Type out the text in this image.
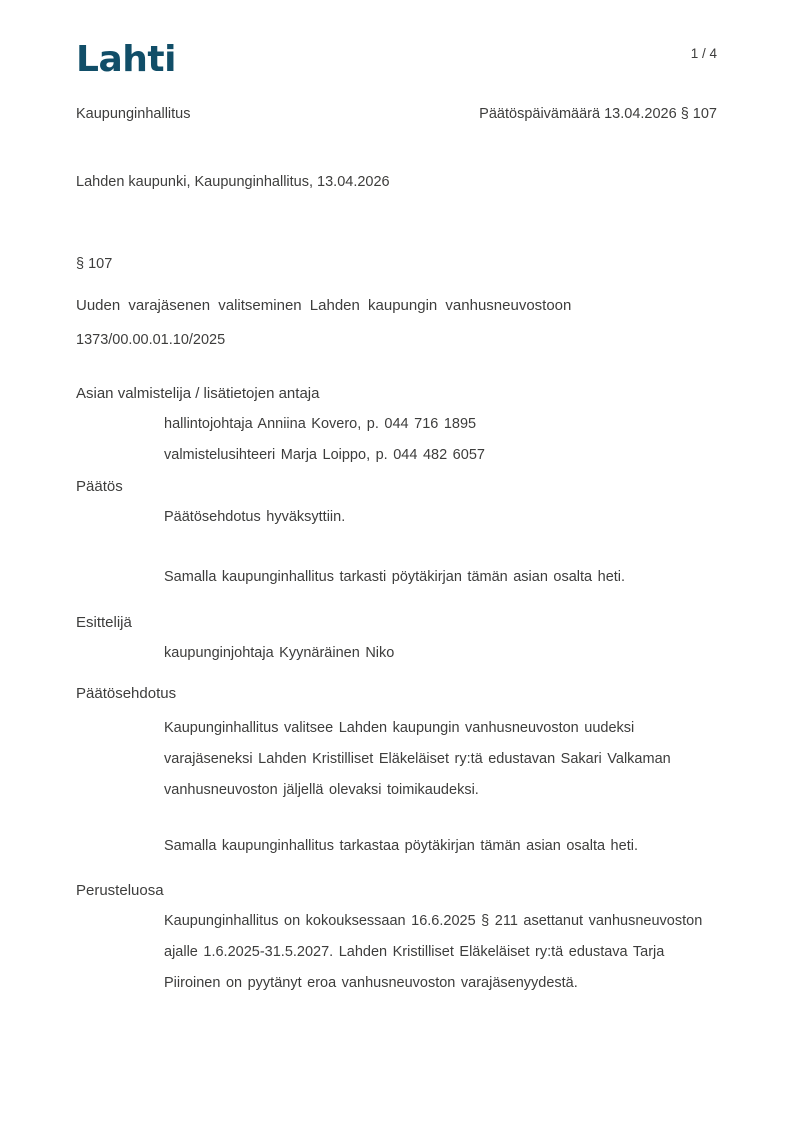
Lahti	1 / 4
Kaupunginhallitus	Päätöspäivämäärä 13.04.2026 § 107
Lahden kaupunki, Kaupunginhallitus, 13.04.2026
§ 107
Uuden varajäsenen valitseminen Lahden kaupungin vanhusneuvostoon
1373/00.00.01.10/2025
Asian valmistelija / lisätietojen antaja
hallintojohtaja Anniina Kovero, p. 044 716 1895
valmistelusihteeri Marja Loippo, p. 044 482 6057
Päätös
Päätösehdotus hyväksyttiin.
Samalla kaupunginhallitus tarkasti pöytäkirjan tämän asian osalta heti.
Esittelijä
kaupunginjohtaja Kyynäräinen Niko
Päätösehdotus
Kaupunginhallitus valitsee Lahden kaupungin vanhusneuvoston uudeksi varajäseneksi Lahden Kristilliset Eläkeläiset ry:tä edustavan Sakari Valkaman vanhusneuvoston jäljellä olevaksi toimikaudeksi.
Samalla kaupunginhallitus tarkastaa pöytäkirjan tämän asian osalta heti.
Perusteluosa
Kaupunginhallitus on kokouksessaan 16.6.2025 § 211 asettanut vanhusneuvoston ajalle 1.6.2025-31.5.2027. Lahden Kristilliset Eläkeläiset ry:tä edustava Tarja Piiroinen on pyytänyt eroa vanhusneuvoston varajäsenyydestä.
